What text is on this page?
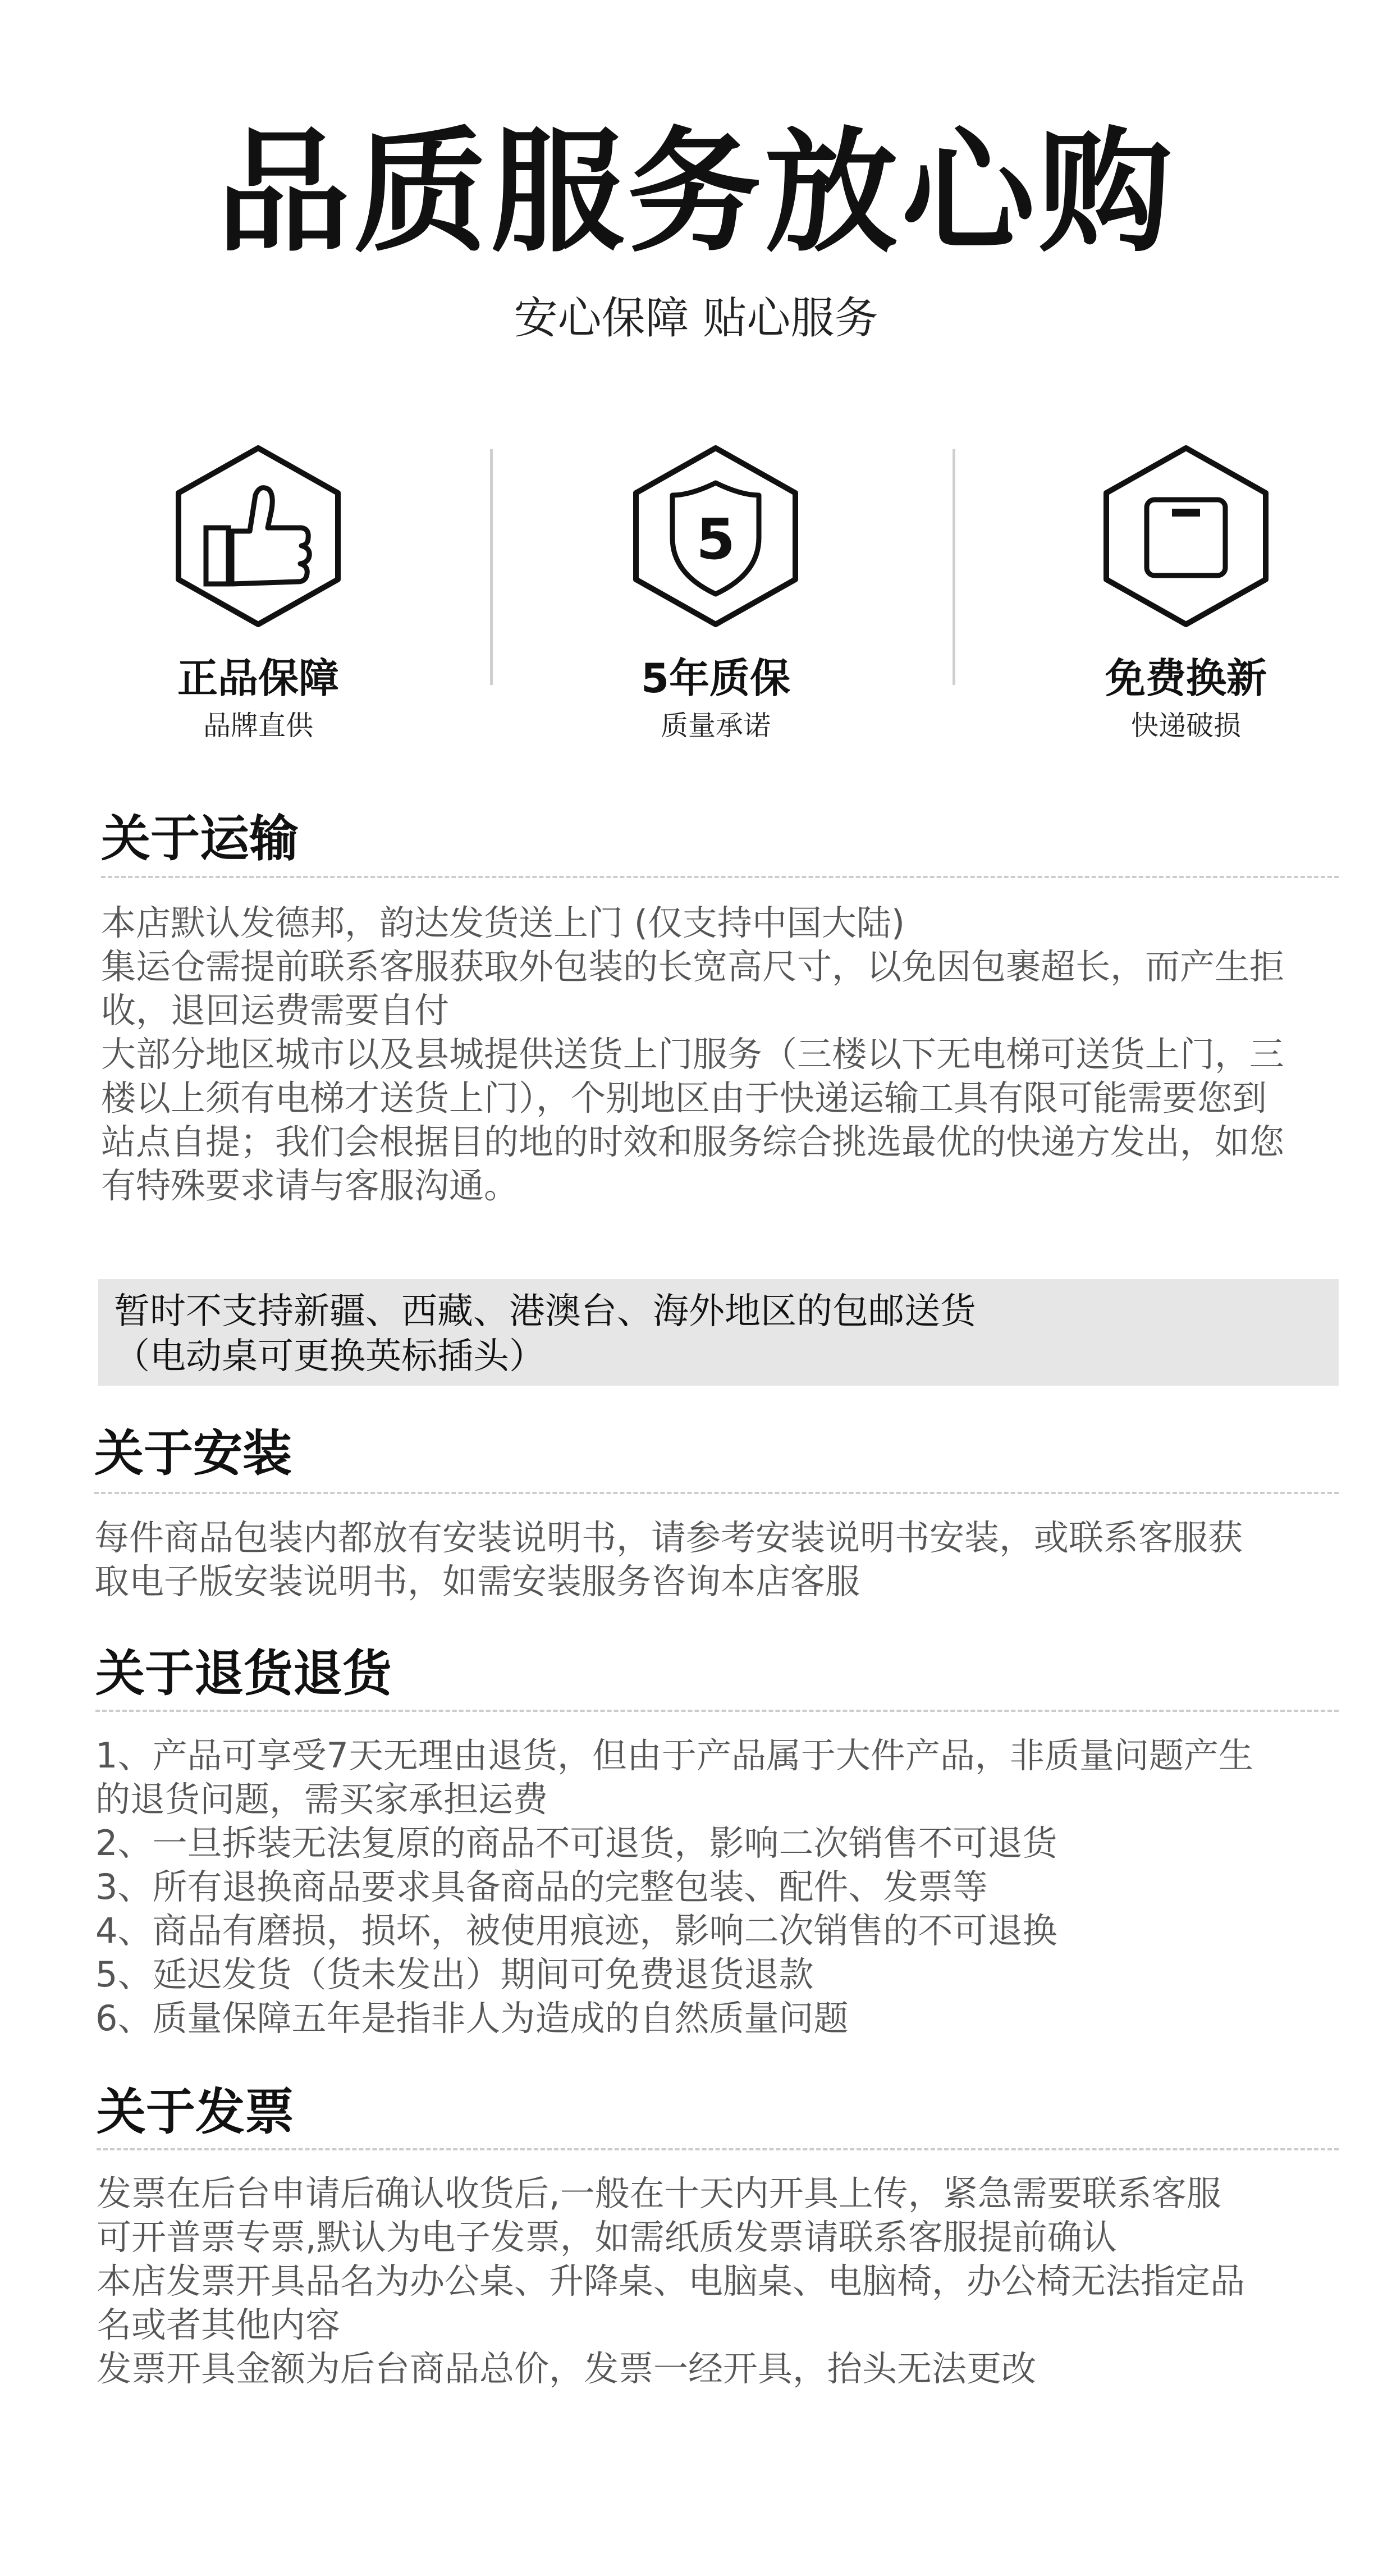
品质服务放心购
安心保障 贴心服务
正品保障
品牌直供
5
5年质保
质量承诺
免费换新
快递破损
关于运输
本店默认发德邦，韵达发货送上门 (仅支持中国大陆)
集运仓需提前联系客服获取外包装的长宽高尺寸，以免因包裹超长，而产生拒
收，退回运费需要自付
大部分地区城市以及县城提供送货上门服务（三楼以下无电梯可送货上门，三
楼以上须有电梯才送货上门），个别地区由于快递运输工具有限可能需要您到
站点自提；我们会根据目的地的时效和服务综合挑选最优的快递方发出，如您
有特殊要求请与客服沟通。
暂时不支持新疆、西藏、港澳台、海外地区的包邮送货
（电动桌可更换英标插头）
关于安装
每件商品包装内都放有安装说明书，请参考安装说明书安装，或联系客服获
取电子版安装说明书，如需安装服务咨询本店客服
关于退货退货
1、产品可享受7天无理由退货，但由于产品属于大件产品，非质量问题产生
的退货问题，需买家承担运费
2、一旦拆装无法复原的商品不可退货，影响二次销售不可退货
3、所有退换商品要求具备商品的完整包装、配件、发票等
4、商品有磨损，损坏，被使用痕迹，影响二次销售的不可退换
5、延迟发货（货未发出）期间可免费退货退款
6、质量保障五年是指非人为造成的自然质量问题
关于发票
发票在后台申请后确认收货后,一般在十天内开具上传，紧急需要联系客服
可开普票专票,默认为电子发票，如需纸质发票请联系客服提前确认
本店发票开具品名为办公桌、升降桌、电脑桌、电脑椅，办公椅无法指定品
名或者其他内容
发票开具金额为后台商品总价，发票一经开具，抬头无法更改
